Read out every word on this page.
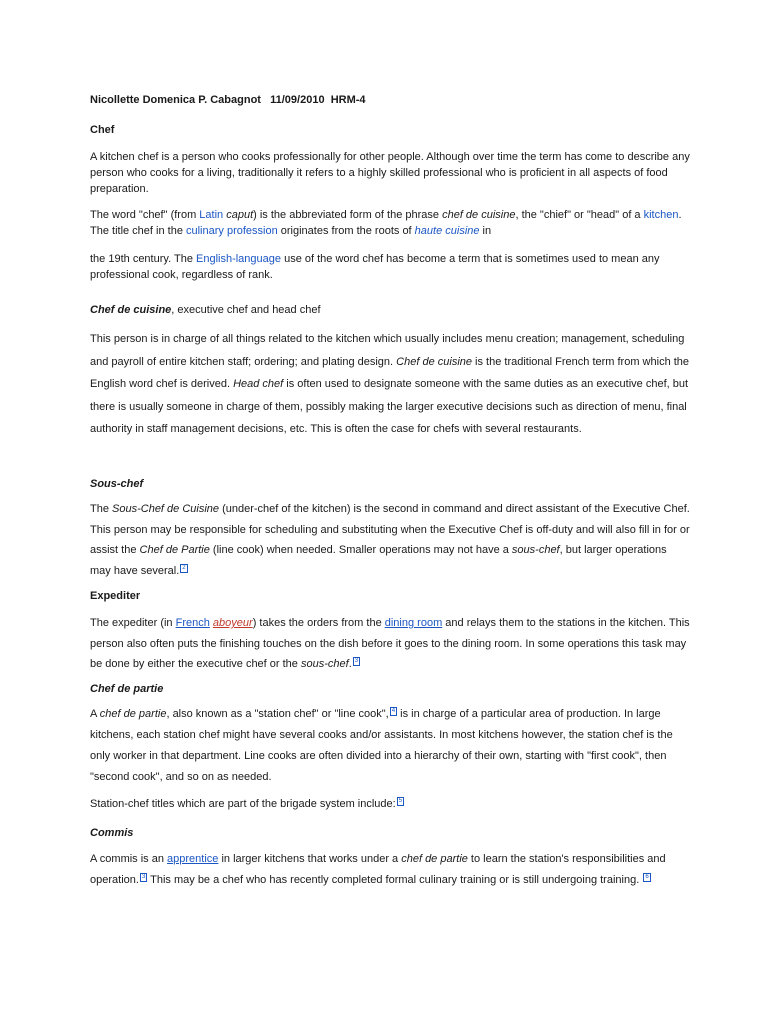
Nicollette Domenica P. Cabagnot 11/09/2010 HRM-4

Chef

A kitchen chef is a person who cooks professionally for other people. Although over time the term has come to describe any person who cooks for a living, traditionally it refers to a highly skilled professional who is proficient in all aspects of food preparation.

The word "chef" (from Latin caput) is the abbreviated form of the phrase chef de cuisine, the "chief" or "head" of a kitchen. The title chef in the culinary profession originates from the roots of haute cuisine in

the 19th century. The English-language use of the word chef has become a term that is sometimes used to mean any professional cook, regardless of rank.

Chef de cuisine, executive chef and head chef

This person is in charge of all things related to the kitchen which usually includes menu creation; management, scheduling and payroll of entire kitchen staff; ordering; and plating design. Chef de cuisine is the traditional French term from which the English word chef is derived. Head chef is often used to designate someone with the same duties as an executive chef, but there is usually someone in charge of them, possibly making the larger executive decisions such as direction of menu, final authority in staff management decisions, etc. This is often the case for chefs with several restaurants.

Sous-chef

The Sous-Chef de Cuisine (under-chef of the kitchen) is the second in command and direct assistant of the Executive Chef. This person may be responsible for scheduling and substituting when the Executive Chef is off-duty and will also fill in for or assist the Chef de Partie (line cook) when needed. Smaller operations may not have a sous-chef, but larger operations may have several. 2

Expediter

The expediter (in French aboyeur) takes the orders from the dining room and relays them to the stations in the kitchen. This person also often puts the finishing touches on the dish before it goes to the dining room. In some operations this task may be done by either the executive chef or the sous-chef. 3

Chef de partie

A chef de partie, also known as a "station chef" or "line cook", 4 is in charge of a particular area of production. In large kitchens, each station chef might have several cooks and/or assistants. In most kitchens however, the station chef is the only worker in that department. Line cooks are often divided into a hierarchy of their own, starting with "first cook", then "second cook", and so on as needed.

Station-chef titles which are part of the brigade system include: 5

Commis

A commis is an apprentice in larger kitchens that works under a chef de partie to learn the station's responsibilities and operation. 3 This may be a chef who has recently completed formal culinary training or is still undergoing training. 6
